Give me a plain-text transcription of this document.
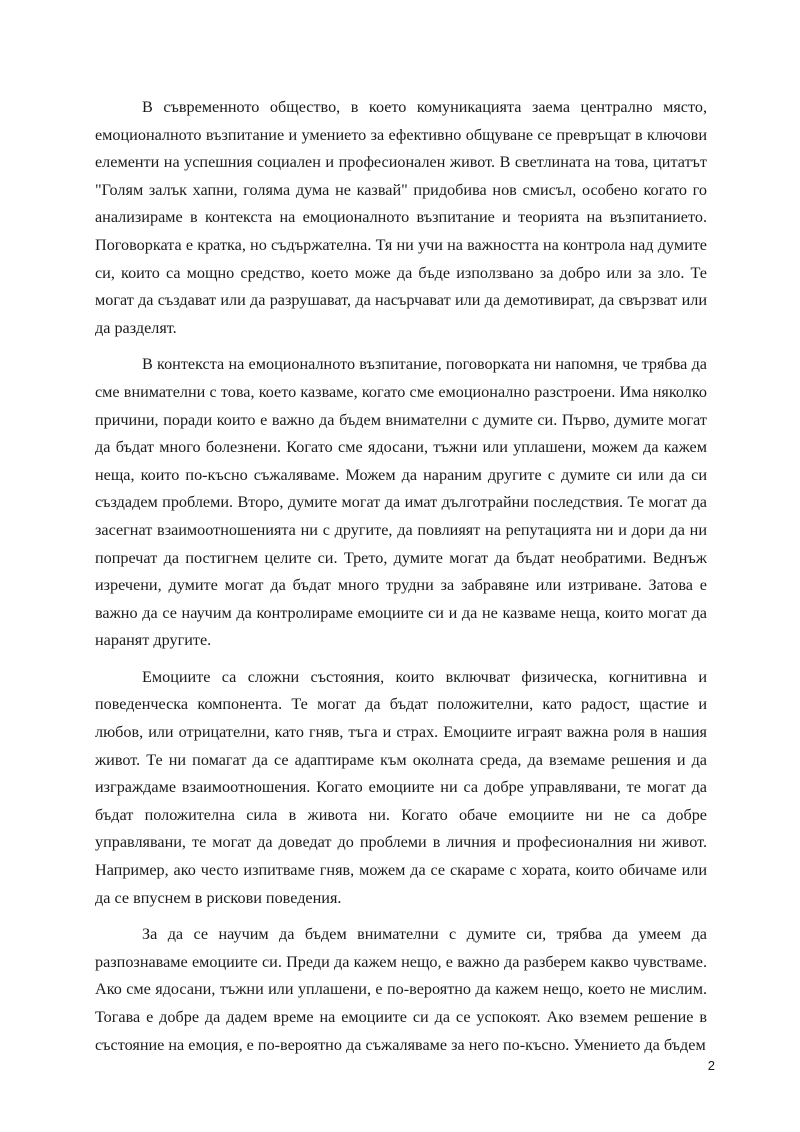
В съвременното общество, в което комуникацията заема централно място, емоционалното възпитание и умението за ефективно общуване се превръщат в ключови елементи на успешния социален и професионален живот. В светлината на това, цитатът "Голям залък хапни, голяма дума не казвай" придобива нов смисъл, особено когато го анализираме в контекста на емоционалното възпитание и теорията на възпитанието. Поговорката е кратка, но съдържателна. Тя ни учи на важността на контрола над думите си, които са мощно средство, което може да бъде използвано за добро или за зло. Те могат да създават или да разрушават, да насърчават или да демотивират, да свързват или да разделят.

В контекста на емоционалното възпитание, поговорката ни напомня, че трябва да сме внимателни с това, което казваме, когато сме емоционално разстроени. Има няколко причини, поради които е важно да бъдем внимателни с думите си. Първо, думите могат да бъдат много болезнени. Когато сме ядосани, тъжни или уплашени, можем да кажем неща, които по-късно съжаляваме. Можем да нараним другите с думите си или да си създадем проблеми. Второ, думите могат да имат дълготрайни последствия. Те могат да засегнат взаимоотношенията ни с другите, да повлияят на репутацията ни и дори да ни попречат да постигнем целите си. Трето, думите могат да бъдат необратими. Веднъж изречени, думите могат да бъдат много трудни за забравяне или изтриване. Затова е важно да се научим да контролираме емоциите си и да не казваме неща, които могат да наранят другите.

Емоциите са сложни състояния, които включват физическа, когнитивна и поведенческа компонента. Те могат да бъдат положителни, като радост, щастие и любов, или отрицателни, като гняв, тъга и страх. Емоциите играят важна роля в нашия живот. Те ни помагат да се адаптираме към околната среда, да вземаме решения и да изграждаме взаимоотношения. Когато емоциите ни са добре управлявани, те могат да бъдат положителна сила в живота ни. Когато обаче емоциите ни не са добре управлявани, те могат да доведат до проблеми в личния и професионалния ни живот. Например, ако често изпитваме гняв, можем да се скараме с хората, които обичаме или да се впуснем в рискови поведения.

За да се научим да бъдем внимателни с думите си, трябва да умеем да разпознаваме емоциите си. Преди да кажем нещо, е важно да разберем какво чувстваме. Ако сме ядосани, тъжни или уплашени, е по-вероятно да кажем нещо, което не мислим. Тогава е добре да дадем време на емоциите си да се успокоят. Ако вземем решение в състояние на емоция, е по-вероятно да съжаляваме за него по-късно. Умението да бъдем

2
